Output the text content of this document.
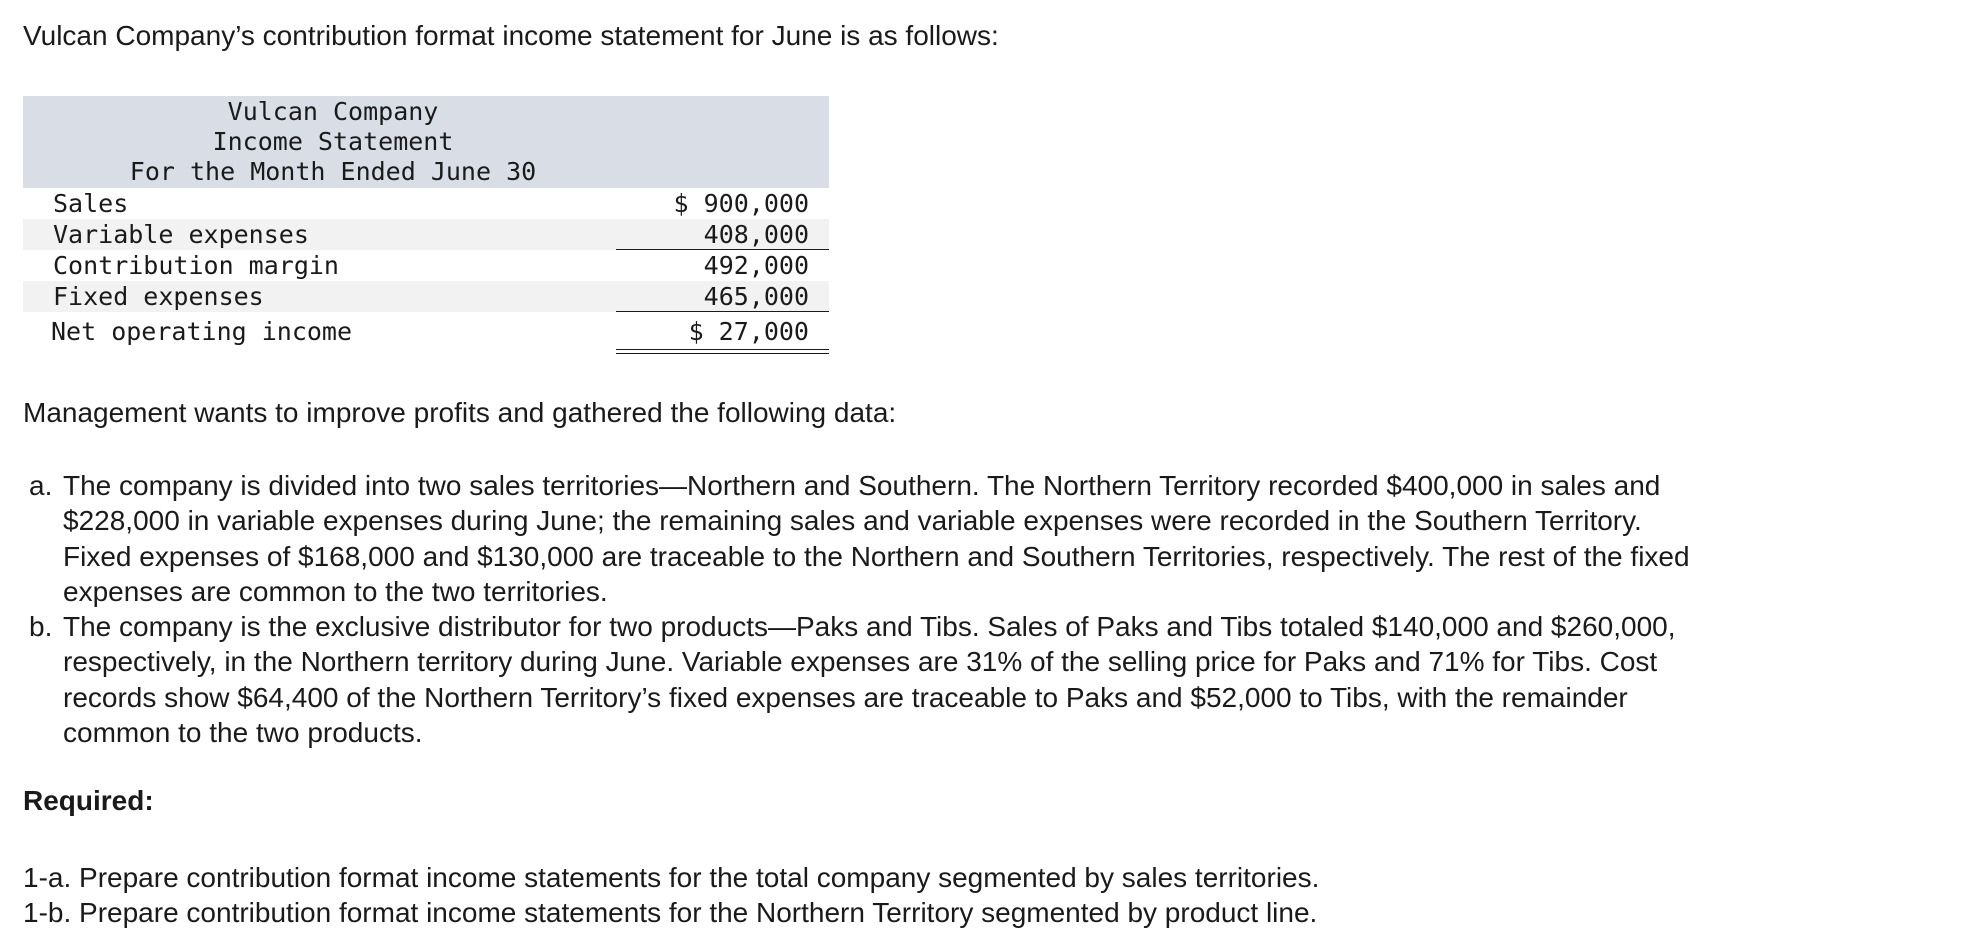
Vulcan Company’s contribution format income statement for June is as follows:

Vulcan Company
Income Statement
For the Month Ended June 30
Sales	$ 900,000
Variable expenses	408,000
Contribution margin	492,000
Fixed expenses	465,000
Net operating income	$ 27,000

Management wants to improve profits and gathered the following data:

a. The company is divided into two sales territories—Northern and Southern. The Northern Territory recorded $400,000 in sales and
$228,000 in variable expenses during June; the remaining sales and variable expenses were recorded in the Southern Territory.
Fixed expenses of $168,000 and $130,000 are traceable to the Northern and Southern Territories, respectively. The rest of the fixed
expenses are common to the two territories.
b. The company is the exclusive distributor for two products—Paks and Tibs. Sales of Paks and Tibs totaled $140,000 and $260,000,
respectively, in the Northern territory during June. Variable expenses are 31% of the selling price for Paks and 71% for Tibs. Cost
records show $64,400 of the Northern Territory’s fixed expenses are traceable to Paks and $52,000 to Tibs, with the remainder
common to the two products.

Required:

1-a. Prepare contribution format income statements for the total company segmented by sales territories.
1-b. Prepare contribution format income statements for the Northern Territory segmented by product line.
